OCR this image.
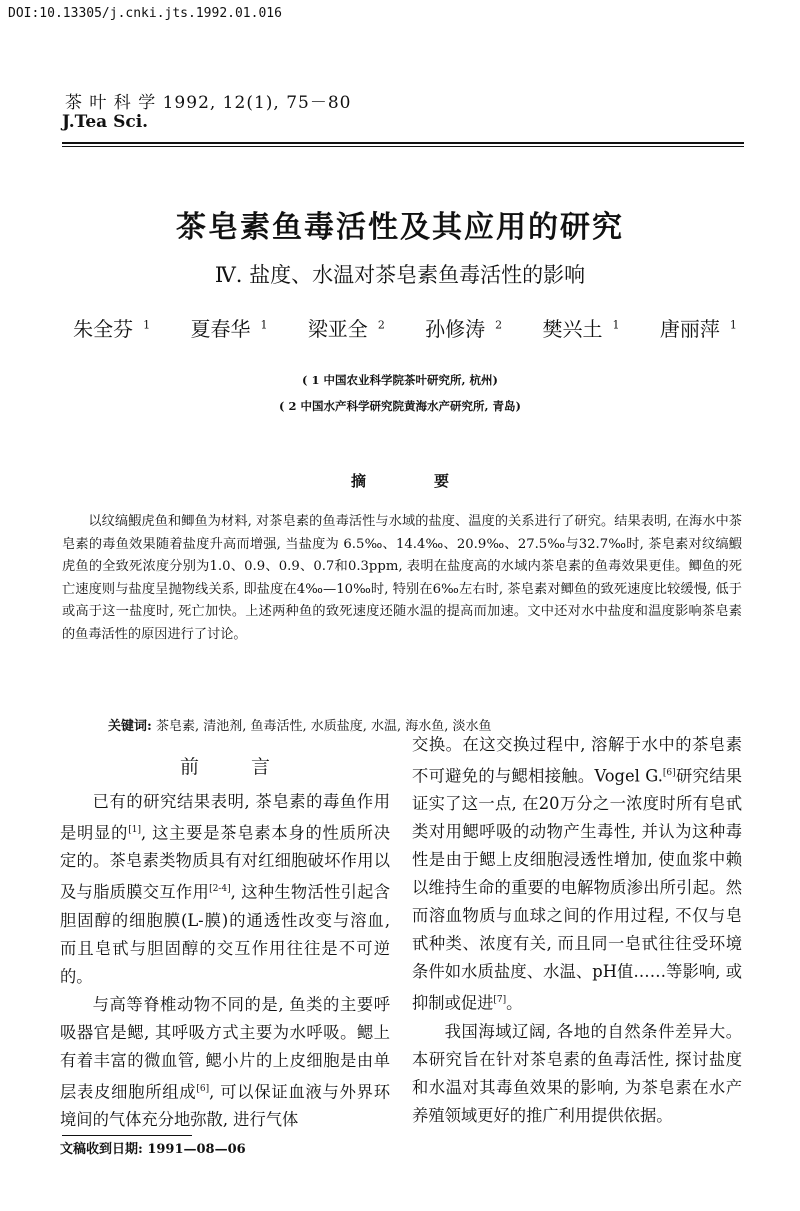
DOI:10.13305/j.cnki.jts.1992.01.016
茶 叶 科 学 1992, 12(1), 75－80
J.Tea Sci.
茶皂素鱼毒活性及其应用的研究
Ⅳ. 盐度、水温对茶皂素鱼毒活性的影响
朱全芬 $^1$ 夏春华 $^1$ 梁亚全 $^2$ 孙修涛 $^2$ 樊兴土 $^1$ 唐丽萍 $^1$
( 1 中国农业科学院茶叶研究所, 杭州)
( 2 中国水产科学研究院黄海水产研究所, 青岛)
摘	要

以纹缟鰕虎鱼和鲫鱼为材料, 对茶皂素的鱼毒活性与水域的盐度、温度的关系进行了研究。结果表明, 在海水中茶皂素的毒鱼效果随着盐度升高而增强, 当盐度为 6.5‰、14.4‰、20.9‰、27.5‰与32.7‰时, 茶皂素对纹缟鰕虎鱼的全致死浓度分别为1.0、0.9、0.9、0.7和0.3ppm, 表明在盐度高的水域内茶皂素的鱼毒效果更佳。鲫鱼的死亡速度则与盐度呈抛物线关系, 即盐度在4‰—10‰时, 特别在6‰左右时, 茶皂素对鲫鱼的致死速度比较缓慢, 低于或高于这一盐度时, 死亡加快。上述两种鱼的致死速度还随水温的提高而加速。文中还对水中盐度和温度影响茶皂素的鱼毒活性的原因进行了讨论。

关键词: 茶皂素, 清池剂, 鱼毒活性, 水质盐度, 水温, 海水鱼, 淡水鱼
前	言

已有的研究结果表明, 茶皂素的毒鱼作用是明显的[1], 这主要是茶皂素本身的性质所决定的。茶皂素类物质具有对红细胞破坏作用以及与脂质膜交互作用[2-4], 这种生物活性引起含胆固醇的细胞膜(L-膜)的通透性改变与溶血, 而且皂甙与胆固醇的交互作用往往是不可逆的。

与高等脊椎动物不同的是, 鱼类的主要呼吸器官是鳃, 其呼吸方式主要为水呼吸。鳃上有着丰富的微血管, 鳃小片的上皮细胞是由单层表皮细胞所组成[6], 可以保证血液与外界环境间的气体充分地弥散, 进行气体

交换。在这交换过程中, 溶解于水中的茶皂素不可避免的与鳃相接触。Vogel G.[6]研究结果证实了这一点, 在20万分之一浓度时所有皂甙类对用鳃呼吸的动物产生毒性, 并认为这种毒性是由于鳃上皮细胞浸透性增加, 使血浆中赖以维持生命的重要的电解物质渗出所引起。然而溶血物质与血球之间的作用过程, 不仅与皂甙种类、浓度有关, 而且同一皂甙往往受环境条件如水质盐度、水温、pH值……等影响, 或抑制或促进[7]。

我国海域辽阔, 各地的自然条件差异大。本研究旨在针对茶皂素的鱼毒活性, 探讨盐度和水温对其毒鱼效果的影响, 为茶皂素在水产养殖领域更好的推广利用提供依据。

文稿收到日期: 1991—08—06
